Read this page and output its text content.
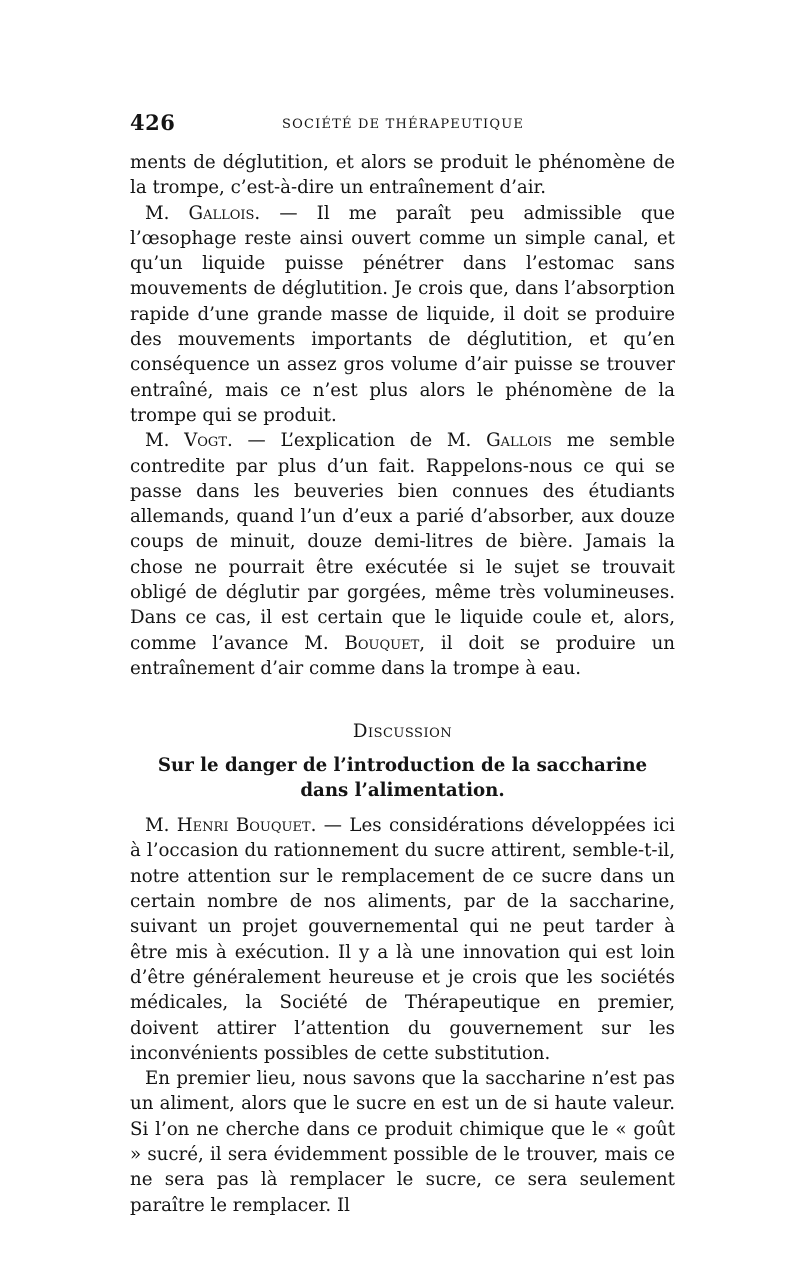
426	SOCIÉTÉ DE THÉRAPEUTIQUE

ments de déglutition, et alors se produit le phénomène de la trompe, c’est-à-dire un entraînement d’air.

M. Gallois. — Il me paraît peu admissible que l’œsophage reste ainsi ouvert comme un simple canal, et qu’un liquide puisse pénétrer dans l’estomac sans mouvements de déglutition. Je crois que, dans l’absorption rapide d’une grande masse de liquide, il doit se produire des mouvements importants de déglutition, et qu’en conséquence un assez gros volume d’air puisse se trouver entraîné, mais ce n’est plus alors le phénomène de la trompe qui se produit.

M. Vogt. — L’explication de M. Gallois me semble contredite par plus d’un fait. Rappelons-nous ce qui se passe dans les beuveries bien connues des étudiants allemands, quand l’un d’eux a parié d’absorber, aux douze coups de minuit, douze demi-litres de bière. Jamais la chose ne pourrait être exécutée si le sujet se trouvait obligé de déglutir par gorgées, même très volumineuses. Dans ce cas, il est certain que le liquide coule et, alors, comme l’avance M. Bouquet, il doit se produire un entraînement d’air comme dans la trompe à eau.

Discussion

Sur le danger de l’introduction de la saccharine
dans l’alimentation.

M. Henri Bouquet. — Les considérations développées ici à l’occasion du rationnement du sucre attirent, semble-t-il, notre attention sur le remplacement de ce sucre dans un certain nombre de nos aliments, par de la saccharine, suivant un projet gouvernemental qui ne peut tarder à être mis à exécution. Il y a là une innovation qui est loin d’être généralement heureuse et je crois que les sociétés médicales, la Société de Thérapeutique en premier, doivent attirer l’attention du gouvernement sur les inconvénients possibles de cette substitution.

En premier lieu, nous savons que la saccharine n’est pas un aliment, alors que le sucre en est un de si haute valeur. Si l’on ne cherche dans ce produit chimique que le « goût » sucré, il sera évidemment possible de le trouver, mais ce ne sera pas là remplacer le sucre, ce sera seulement paraître le remplacer. Il
